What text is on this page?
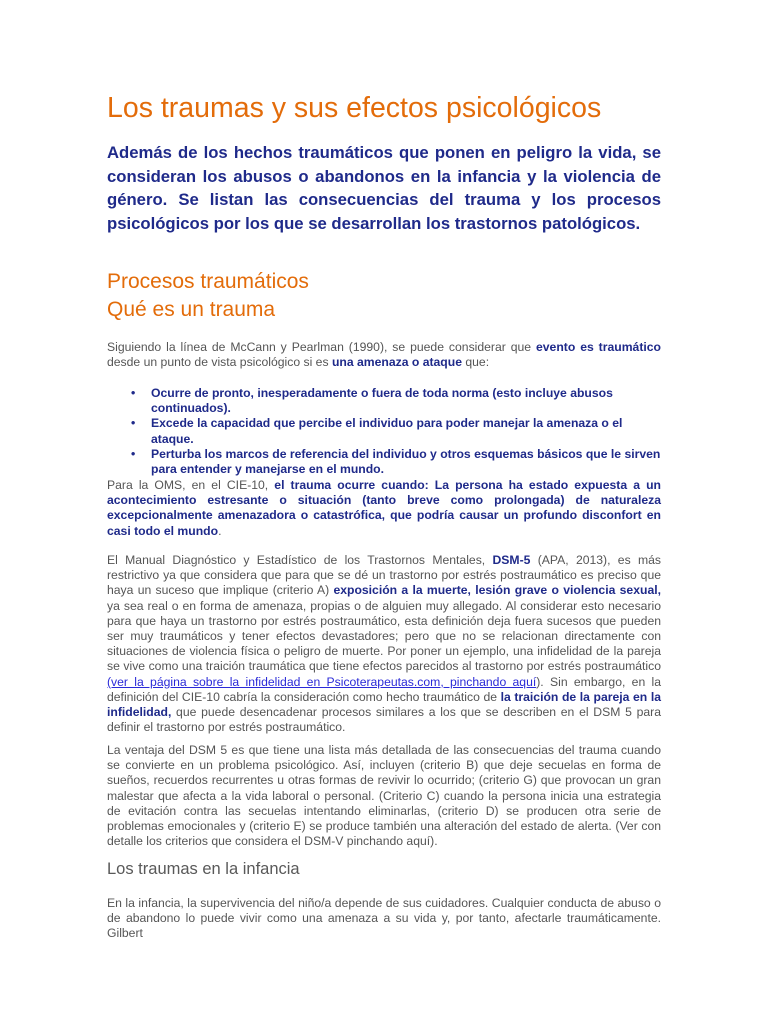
Los traumas y sus efectos psicológicos

Además de los hechos traumáticos que ponen en peligro la vida, se consideran los abusos o abandonos en la infancia y la violencia de género. Se listan las consecuencias del trauma y los procesos psicológicos por los que se desarrollan los trastornos patológicos.

Procesos traumáticos
Qué es un trauma

Siguiendo la línea de McCann y Pearlman (1990), se puede considerar que evento es traumático desde un punto de vista psicológico si es una amenaza o ataque que:

• Ocurre de pronto, inesperadamente o fuera de toda norma (esto incluye abusos continuados).
• Excede la capacidad que percibe el individuo para poder manejar la amenaza o el ataque.
• Perturba los marcos de referencia del individuo y otros esquemas básicos que le sirven para entender y manejarse en el mundo.

Para la OMS, en el CIE-10, el trauma ocurre cuando: La persona ha estado expuesta a un acontecimiento estresante o situación (tanto breve como prolongada) de naturaleza excepcionalmente amenazadora o catastrófica, que podría causar un profundo disconfort en casi todo el mundo.

El Manual Diagnóstico y Estadístico de los Trastornos Mentales, DSM-5 (APA, 2013), es más restrictivo ya que considera que para que se dé un trastorno por estrés postraumático es preciso que haya un suceso que implique (criterio A) exposición a la muerte, lesión grave o violencia sexual, ya sea real o en forma de amenaza, propias o de alguien muy allegado. Al considerar esto necesario para que haya un trastorno por estrés postraumático, esta definición deja fuera sucesos que pueden ser muy traumáticos y tener efectos devastadores; pero que no se relacionan directamente con situaciones de violencia física o peligro de muerte. Por poner un ejemplo, una infidelidad de la pareja se vive como una traición traumática que tiene efectos parecidos al trastorno por estrés postraumático (ver la página sobre la infidelidad en Psicoterapeutas.com, pinchando aquí). Sin embargo, en la definición del CIE-10 cabría la consideración como hecho traumático de la traición de la pareja en la infidelidad, que puede desencadenar procesos similares a los que se describen en el DSM 5 para definir el trastorno por estrés postraumático.

La ventaja del DSM 5 es que tiene una lista más detallada de las consecuencias del trauma cuando se convierte en un problema psicológico. Así, incluyen (criterio B) que deje secuelas en forma de sueños, recuerdos recurrentes u otras formas de revivir lo ocurrido; (criterio G) que provocan un gran malestar que afecta a la vida laboral o personal. (Criterio C) cuando la persona inicia una estrategia de evitación contra las secuelas intentando eliminarlas, (criterio D) se producen otra serie de problemas emocionales y (criterio E) se produce también una alteración del estado de alerta. (Ver con detalle los criterios que considera el DSM-V pinchando aquí).

Los traumas en la infancia

En la infancia, la supervivencia del niño/a depende de sus cuidadores. Cualquier conducta de abuso o de abandono lo puede vivir como una amenaza a su vida y, por tanto, afectarle traumáticamente. Gilbert
